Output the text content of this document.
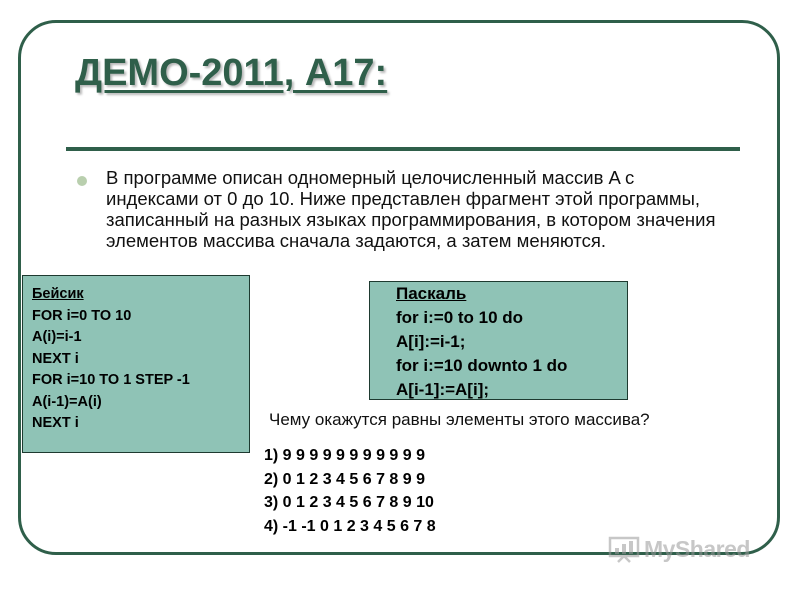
ДЕМО-2011, А17:

В программе описан одномерный целочисленный массив A с индексами от 0 до 10. Ниже представлен фрагмент этой программы, записанный на разных языках программирования, в котором значения элементов массива сначала задаются, а затем меняются.

Бейсик
FOR i=0 TO 10
A(i)=i-1
NEXT i
FOR i=10 TO 1 STEP -1
A(i-1)=A(i)
NEXT i
Паскаль
for i:=0 to 10 do
A[i]:=i-1;
for i:=10 downto 1 do
A[i-1]:=A[i];

Чему окажутся равны элементы этого массива?

1) 9 9 9 9 9 9 9 9 9 9 9
2) 0 1 2 3 4 5 6 7 8 9 9
3) 0 1 2 3 4 5 6 7 8 9 10
4) -1 -1 0 1 2 3 4 5 6 7 8
MyShared
